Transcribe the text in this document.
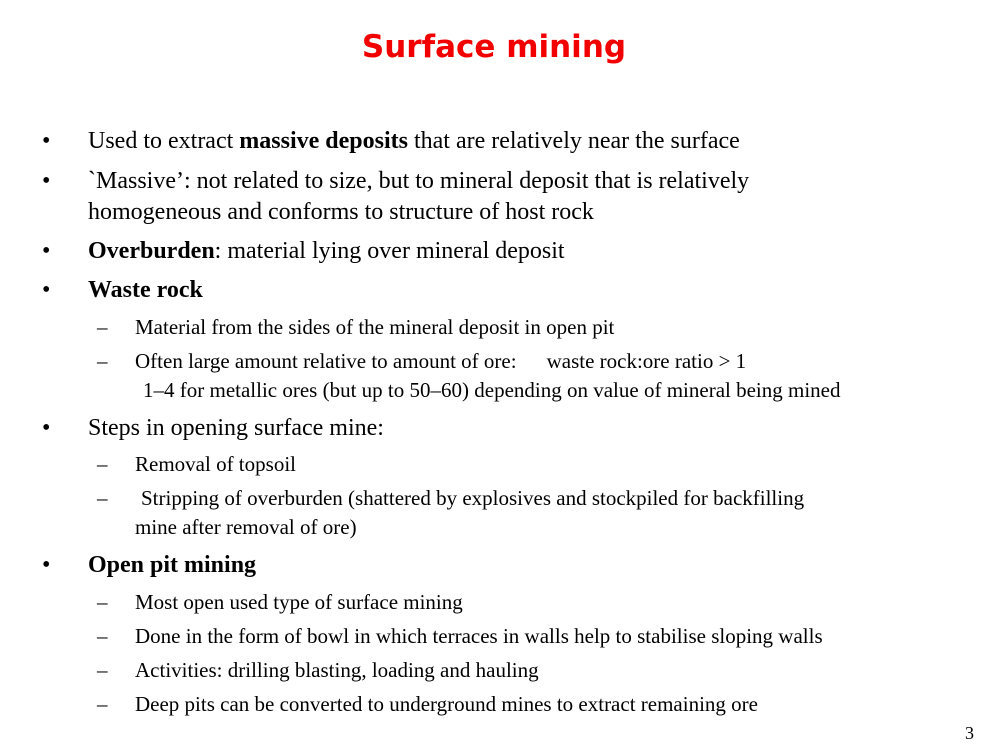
Surface mining
• Used to extract massive deposits that are relatively near the surface
• `Massive’: not related to size, but to mineral deposit that is relatively
homogeneous and conforms to structure of host rock
• Overburden: material lying over mineral deposit
• Waste rock
– Material from the sides of the mineral deposit in open pit
– Often large amount relative to amount of ore: waste rock:ore ratio > 1
1–4 for metallic ores (but up to 50–60) depending on value of mineral being mined
• Steps in opening surface mine:
– Removal of topsoil
– Stripping of overburden (shattered by explosives and stockpiled for backfilling
mine after removal of ore)
• Open pit mining
– Most open used type of surface mining
– Done in the form of bowl in which terraces in walls help to stabilise sloping walls
– Activities: drilling blasting, loading and hauling
– Deep pits can be converted to underground mines to extract remaining ore
3
